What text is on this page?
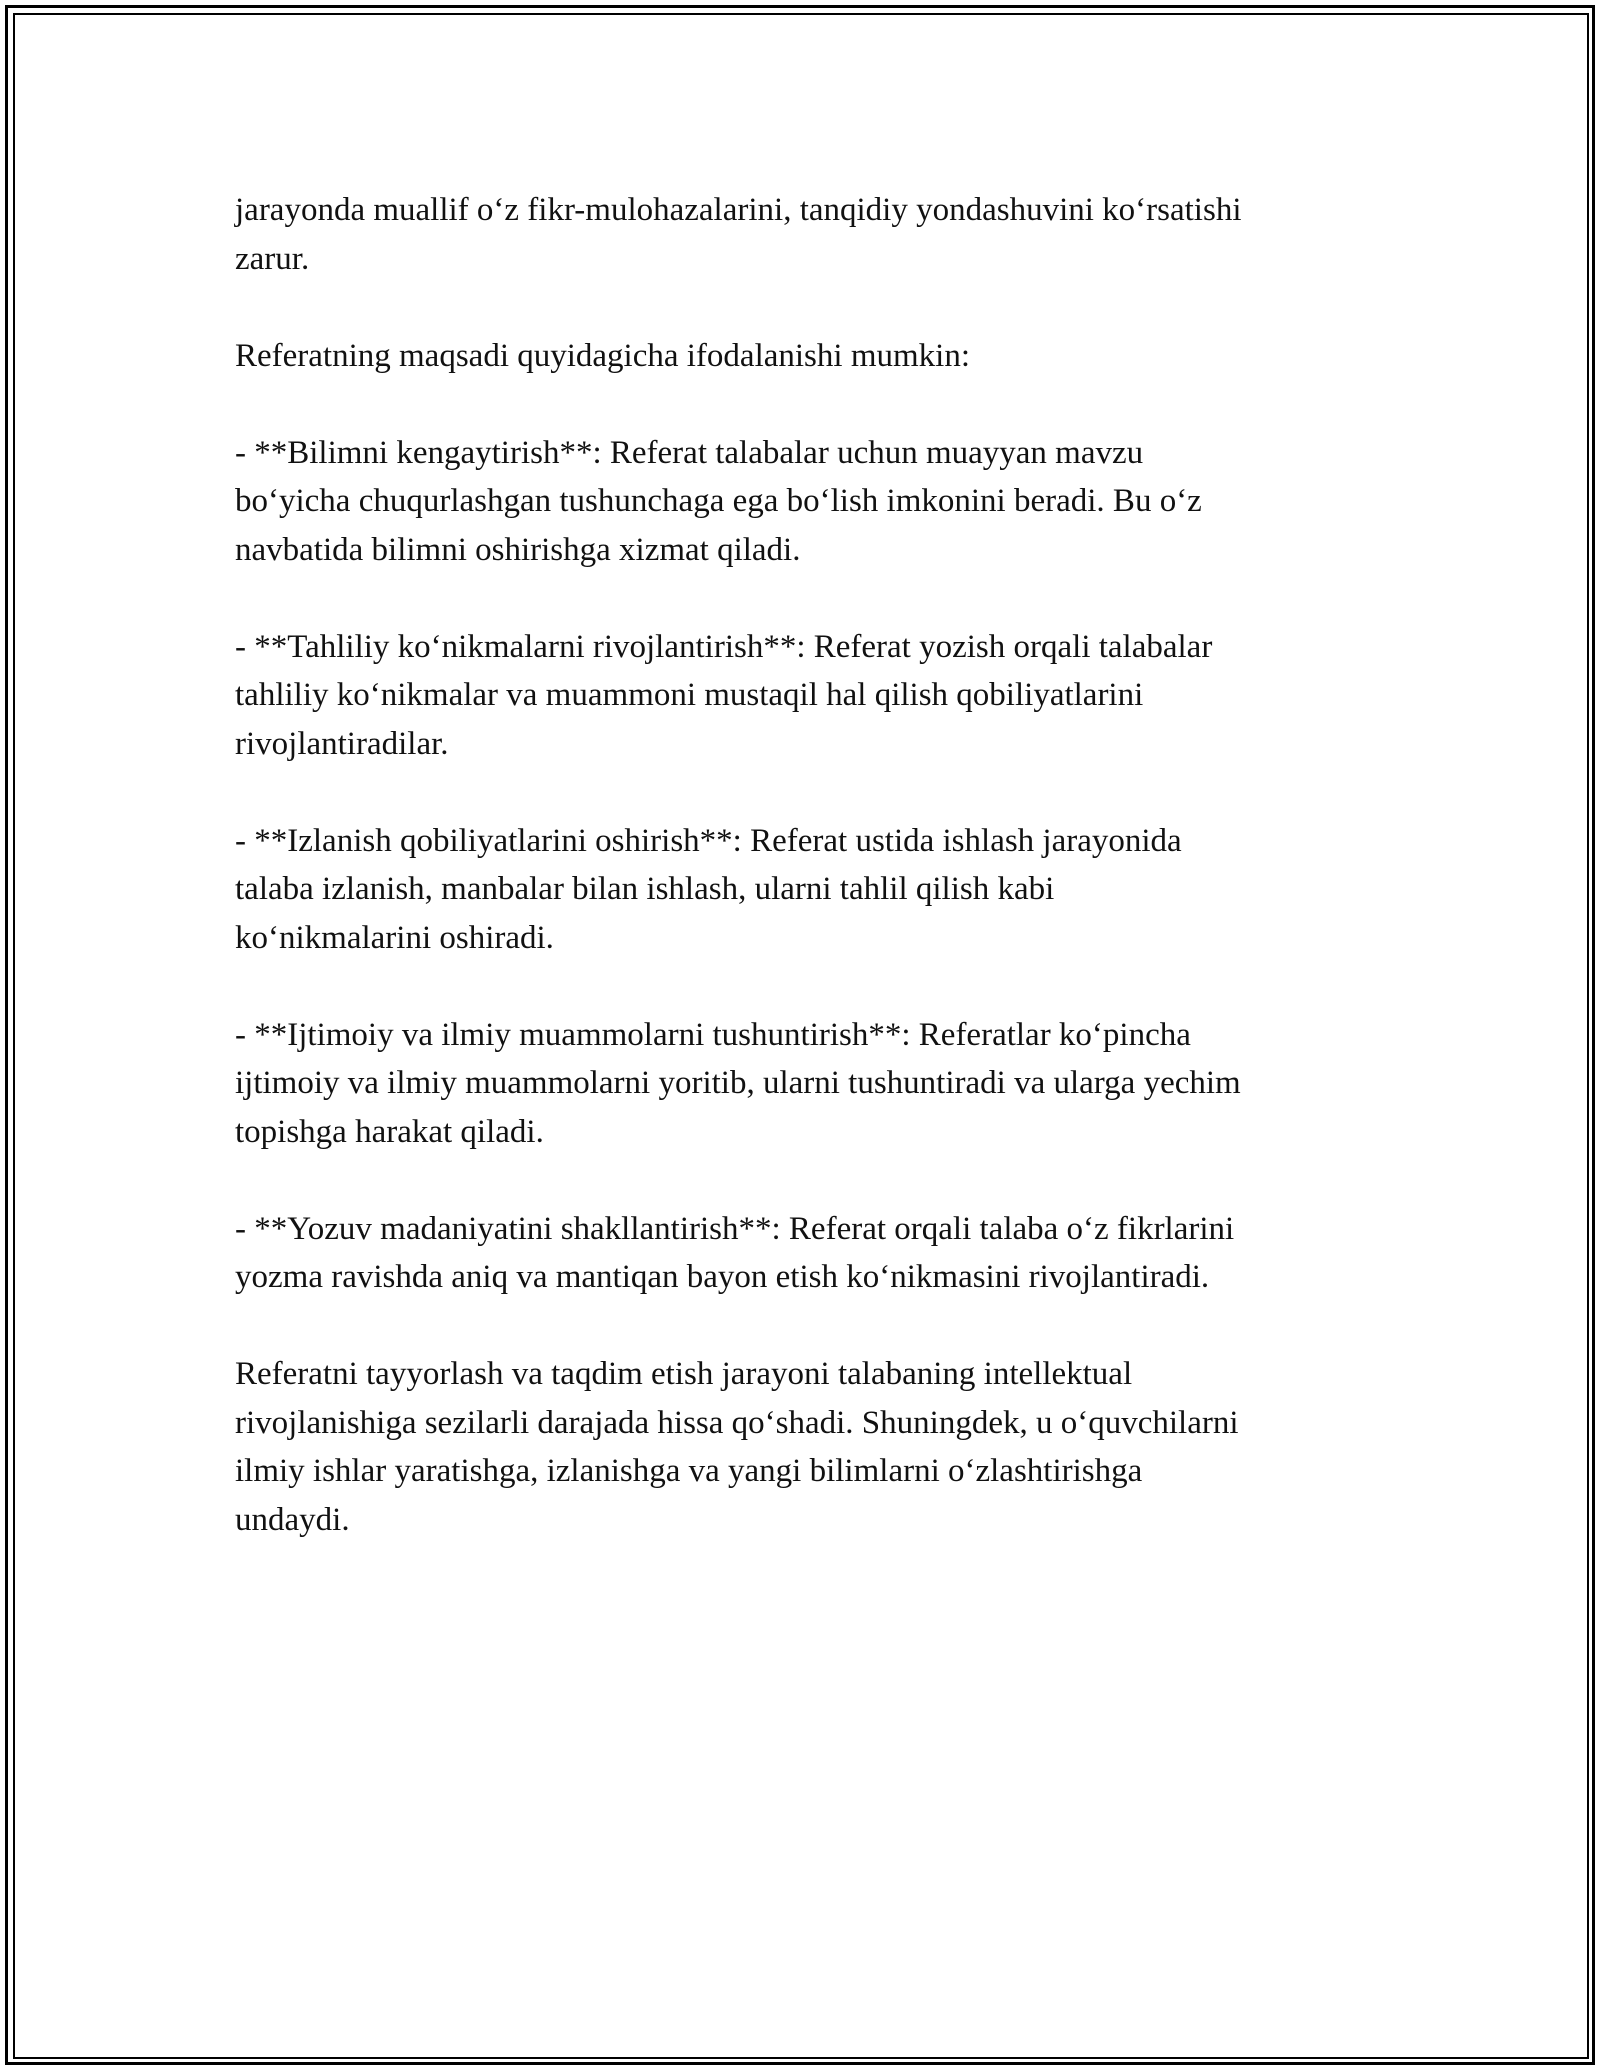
jarayonda muallif o‘z fikr-mulohazalarini, tanqidiy yondashuvini ko‘rsatishi
zarur.

Referatning maqsadi quyidagicha ifodalanishi mumkin:

- **Bilimni kengaytirish**: Referat talabalar uchun muayyan mavzu
bo‘yicha chuqurlashgan tushunchaga ega bo‘lish imkonini beradi. Bu o‘z
navbatida bilimni oshirishga xizmat qiladi.

- **Tahliliy ko‘nikmalarni rivojlantirish**: Referat yozish orqali talabalar
tahliliy ko‘nikmalar va muammoni mustaqil hal qilish qobiliyatlarini
rivojlantiradilar.

- **Izlanish qobiliyatlarini oshirish**: Referat ustida ishlash jarayonida
talaba izlanish, manbalar bilan ishlash, ularni tahlil qilish kabi
ko‘nikmalarini oshiradi.

- **Ijtimoiy va ilmiy muammolarni tushuntirish**: Referatlar ko‘pincha
ijtimoiy va ilmiy muammolarni yoritib, ularni tushuntiradi va ularga yechim
topishga harakat qiladi.

- **Yozuv madaniyatini shakllantirish**: Referat orqali talaba o‘z fikrlarini
yozma ravishda aniq va mantiqan bayon etish ko‘nikmasini rivojlantiradi.

Referatni tayyorlash va taqdim etish jarayoni talabaning intellektual
rivojlanishiga sezilarli darajada hissa qo‘shadi. Shuningdek, u o‘quvchilarni
ilmiy ishlar yaratishga, izlanishga va yangi bilimlarni o‘zlashtirishga
undaydi.
